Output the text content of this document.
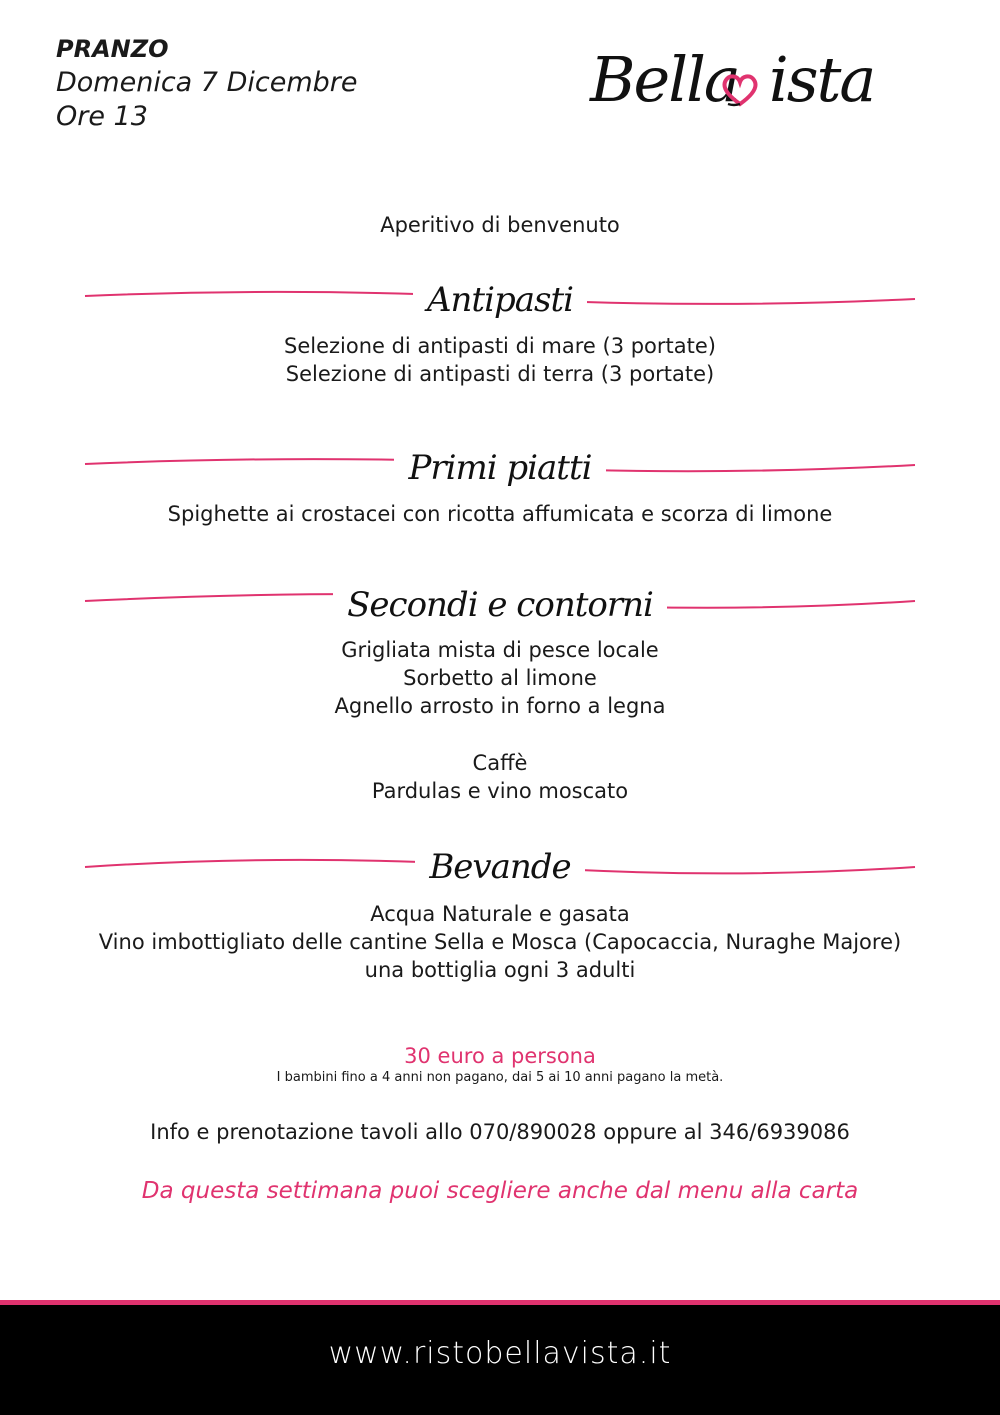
PRANZO
Domenica 7 Dicembre
Ore 13
Bella ista
Aperitivo di benvenuto
Antipasti
Selezione di antipasti di mare (3 portate)
Selezione di antipasti di terra (3 portate)
Primi piatti
Spighette ai crostacei con ricotta affumicata e scorza di limone
Secondi e contorni
Grigliata mista di pesce locale
Sorbetto al limone
Agnello arrosto in forno a legna
Caffè
Pardulas e vino moscato
Bevande
Acqua Naturale e gasata
Vino imbottigliato delle cantine Sella e Mosca (Capocaccia, Nuraghe Majore)
una bottiglia ogni 3 adulti
30 euro a persona
I bambini fino a 4 anni non pagano, dai 5 ai 10 anni pagano la metà.
Info e prenotazione tavoli allo 070/890028 oppure al 346/6939086
Da questa settimana puoi scegliere anche dal menu alla carta
www.ristobellavista.it
